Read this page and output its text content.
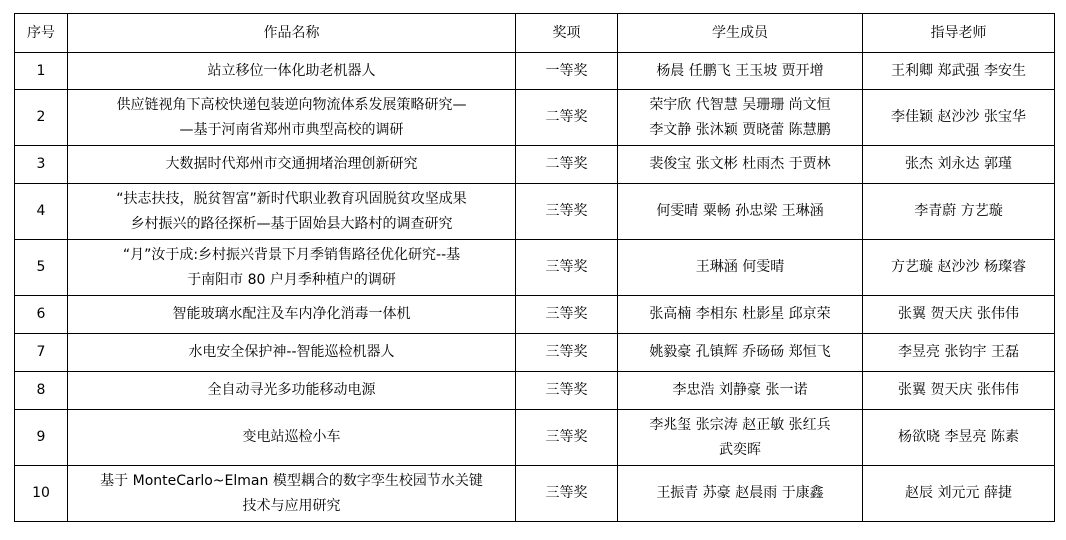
序号	作品名称	奖项	学生成员	指导老师
1	站立移位一体化助老机器人	一等奖	杨晨 任鹏飞 王玉坡 贾开增	王利卿 郑武强 李安生
2	供应链视角下高校快递包装逆向物流体系发展策略研究—
—基于河南省郑州市典型高校的调研	二等奖	荣宇欣 代智慧 吴珊珊 尚文恒
李文静 张沐颖 贾晓蕾 陈慧鹏	李佳颖 赵沙沙 张宝华
3	大数据时代郑州市交通拥堵治理创新研究	二等奖	裴俊宝 张文彬 杜雨杰 于贾林	张杰 刘永达 郭瑾
4	“扶志扶技，脱贫智富”新时代职业教育巩固脱贫攻坚成果
乡村振兴的路径探析—基于固始县大路村的调查研究	三等奖	何雯晴 粟畅 孙忠梁 王琳涵	李青蔚 方艺璇
5	“月”汝于成:乡村振兴背景下月季销售路径优化研究--基
于南阳市 80 户月季种植户的调研	三等奖	王琳涵 何雯晴	方艺璇 赵沙沙 杨璨睿
6	智能玻璃水配注及车内净化消毒一体机	三等奖	张高楠 李相东 杜影星 邱京荣	张翼 贺天庆 张伟伟
7	水电安全保护神--智能巡检机器人	三等奖	姚毅豪 孔镇辉 乔砀砀 郑恒飞	李昱亮 张钧宇 王磊
8	全自动寻光多功能移动电源	三等奖	李忠浩 刘静豪 张一诺	张翼 贺天庆 张伟伟
9	变电站巡检小车	三等奖	李兆玺 张宗涛 赵正敏 张红兵
武奕晖	杨欲晓 李昱亮 陈素
10	基于 MonteCarlo~Elman 模型耦合的数字孪生校园节水关键
技术与应用研究	三等奖	王振青 苏豪 赵晨雨 于康鑫	赵辰 刘元元 薛捷
